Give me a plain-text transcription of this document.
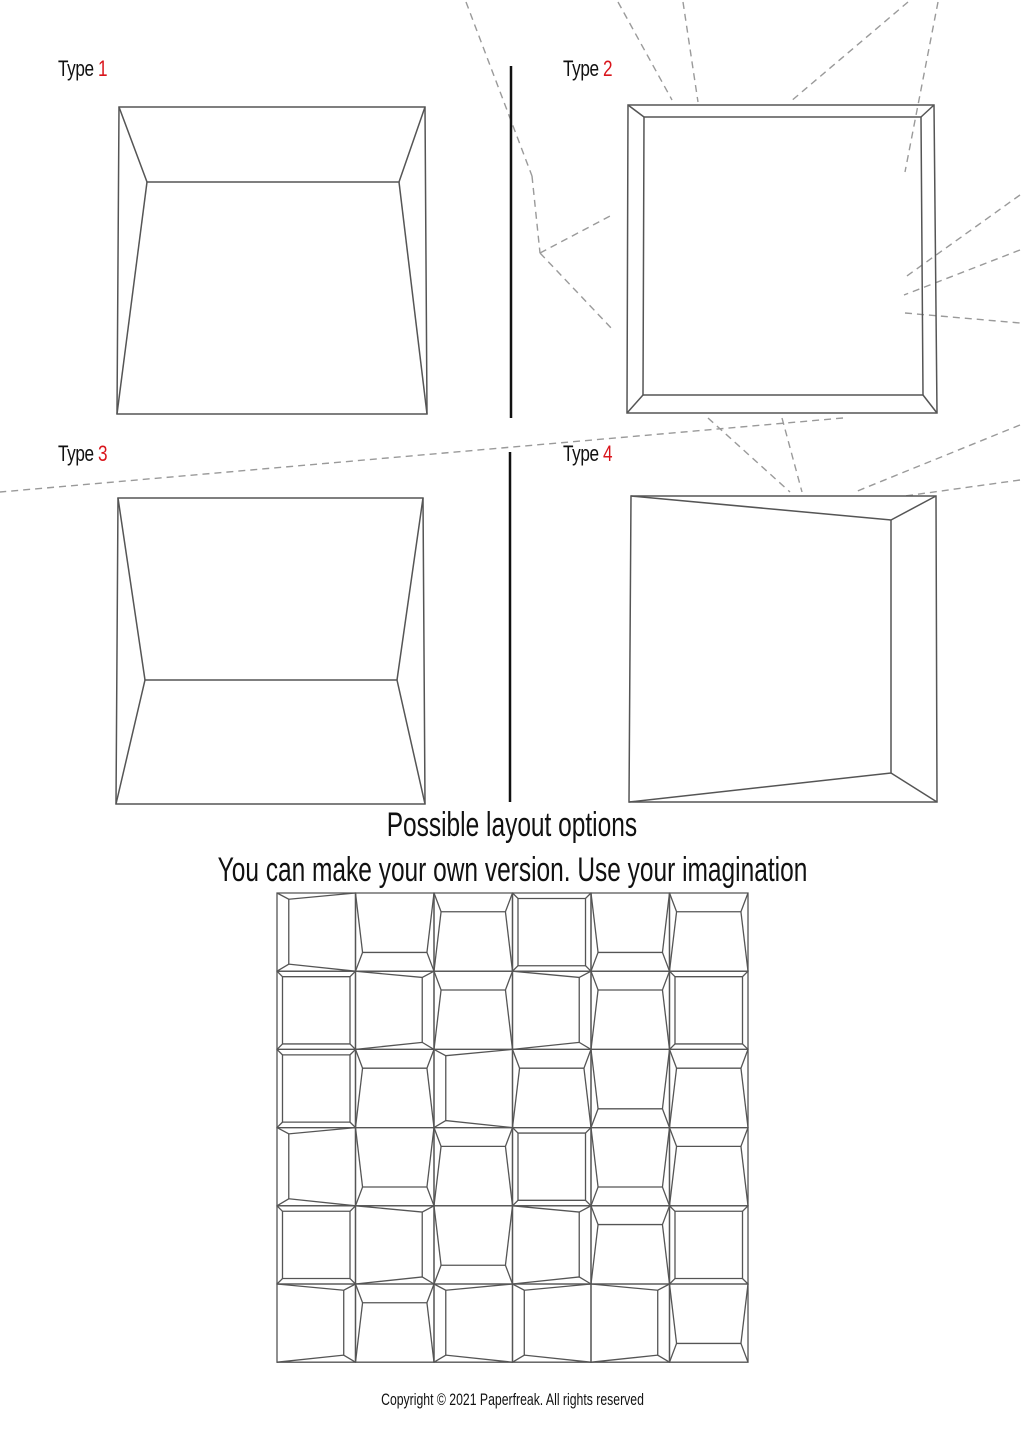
Type 1	Type 2
Type 3	Type 4
Possible layout options
You can make your own version. Use your imagination
Copyright © 2021 Paperfreak. All rights reserved
